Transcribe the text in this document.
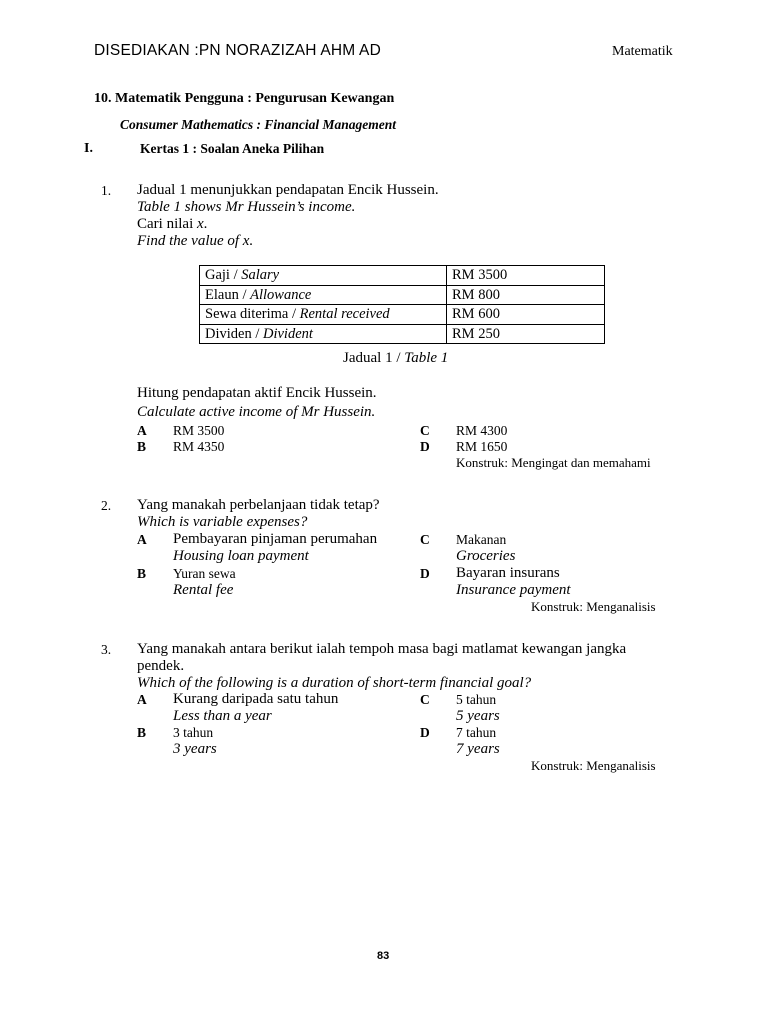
DISEDIAKAN :PN NORAZIZAH AHM AD	Matematik
10. Matematik Pengguna : Pengurusan Kewangan
Consumer Mathematics : Financial Management
I.	Kertas 1 : Soalan Aneka Pilihan
1. Jadual 1 menunjukkan pendapatan Encik Hussein.
Table 1 shows Mr Hussein’s income.
Cari nilai x.
Find the value of x.
Gaji / Salary	RM 3500
Elaun / Allowance	RM 800
Sewa diterima / Rental received	RM 600
Dividen / Divident	RM 250
Jadual 1 / Table 1
Hitung pendapatan aktif Encik Hussein.
Calculate active income of Mr Hussein.
A RM 3500
B RM 4350
C RM 4300
D RM 1650
Konstruk: Mengingat dan memahami
2. Yang manakah perbelanjaan tidak tetap?
Which is variable expenses?
A Pembayaran pinjaman perumahan
Housing loan payment
C Makanan
Groceries
B Yuran sewa
Rental fee
D Bayaran insurans
Insurance payment
Konstruk: Menganalisis
3. Yang manakah antara berikut ialah tempoh masa bagi matlamat kewangan jangka
pendek.
Which of the following is a duration of short-term financial goal?
A Kurang daripada satu tahun
Less than a year
C 5 tahun
5 years
B 3 tahun
3 years
D 7 tahun
7 years
Konstruk: Menganalisis
83
